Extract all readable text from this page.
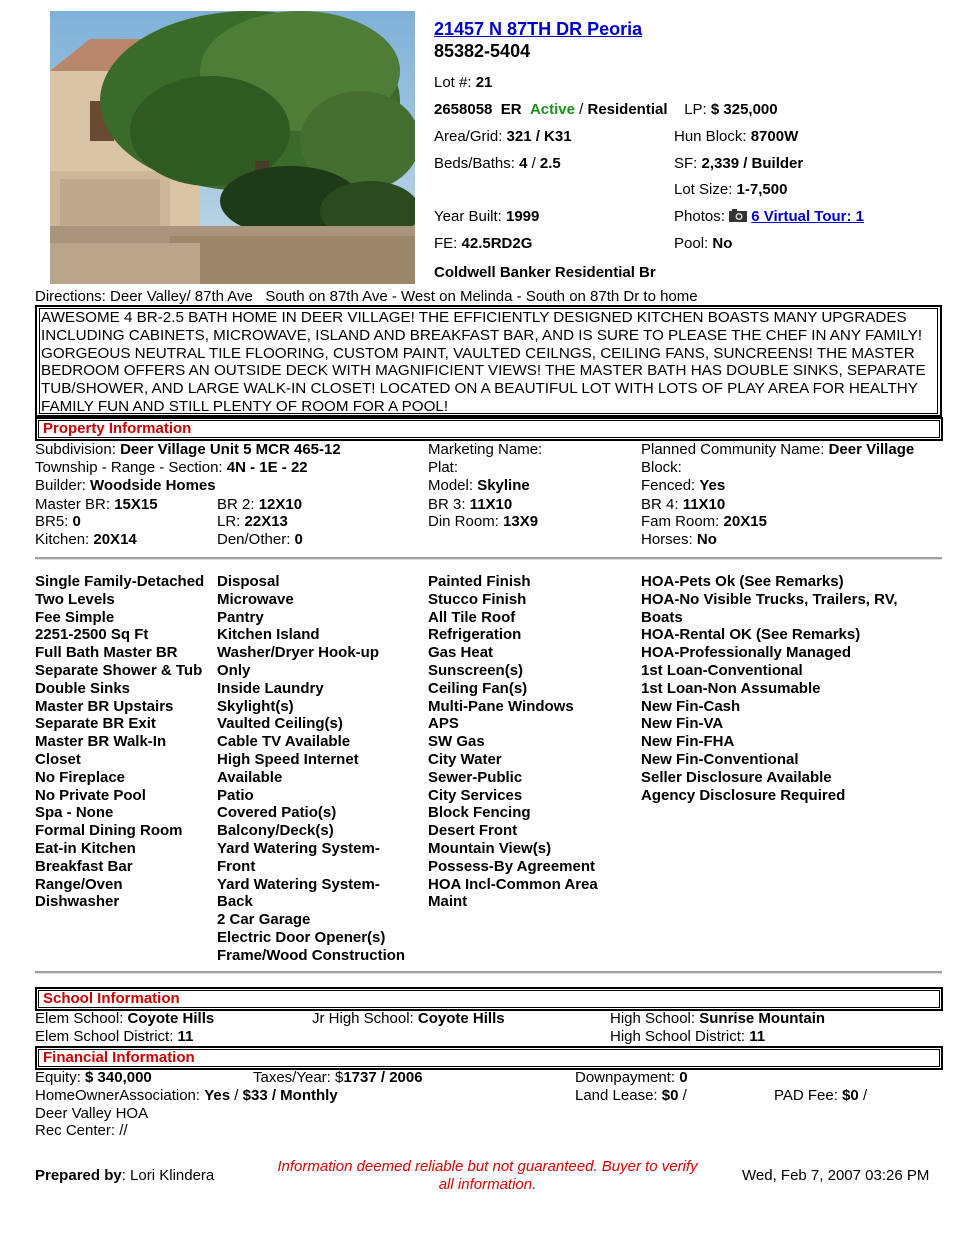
21457 N 87TH DR Peoria
85382-5404
Lot #: 21
2658058 ER Active / Residential LP: $ 325,000
Area/Grid: 321 / K31	Hun Block: 8700W
Beds/Baths: 4 / 2.5	SF: 2,339 / Builder
Lot Size: 1-7,500
Year Built: 1999	Photos: 6 Virtual Tour: 1
FE: 42.5RD2G	Pool: No
Coldwell Banker Residential Br
Directions: Deer Valley/ 87th Ave   South on 87th Ave - West on Melinda - South on 87th Dr to home
AWESOME 4 BR-2.5 BATH HOME IN DEER VILLAGE! THE EFFICIENTLY DESIGNED KITCHEN BOASTS MANY UPGRADES INCLUDING CABINETS, MICROWAVE, ISLAND AND BREAKFAST BAR, AND IS SURE TO PLEASE THE CHEF IN ANY FAMILY! GORGEOUS NEUTRAL TILE FLOORING, CUSTOM PAINT, VAULTED CEILNGS, CEILING FANS, SUNCREENS! THE MASTER BEDROOM OFFERS AN OUTSIDE DECK WITH MAGNIFICIENT VIEWS! THE MASTER BATH HAS DOUBLE SINKS, SEPARATE TUB/SHOWER, AND LARGE WALK-IN CLOSET! LOCATED ON A BEAUTIFUL LOT WITH LOTS OF PLAY AREA FOR HEALTHY FAMILY FUN AND STILL PLENTY OF ROOM FOR A POOL!
Property Information
Subdivision: Deer Village Unit 5 MCR 465-12	Marketing Name:	Planned Community Name: Deer Village
Township - Range - Section: 4N - 1E - 22	Plat:	Block:
Builder: Woodside Homes	Model: Skyline	Fenced: Yes
Master BR: 15X15	BR 2: 12X10	BR 3: 11X10	BR 4: 11X10
BR5: 0	LR: 22X13	Din Room: 13X9	Fam Room: 20X15
Kitchen: 20X14	Den/Other: 0	Horses: No
Single Family-Detached
Two Levels
Fee Simple
2251-2500 Sq Ft
Full Bath Master BR
Separate Shower & Tub
Double Sinks
Master BR Upstairs
Separate BR Exit
Master BR Walk-In
Closet
No Fireplace
No Private Pool
Spa - None
Formal Dining Room
Eat-in Kitchen
Breakfast Bar
Range/Oven
Dishwasher
Disposal
Microwave
Pantry
Kitchen Island
Washer/Dryer Hook-up
Only
Inside Laundry
Skylight(s)
Vaulted Ceiling(s)
Cable TV Available
High Speed Internet
Available
Patio
Covered Patio(s)
Balcony/Deck(s)
Yard Watering System-
Front
Yard Watering System-
Back
2 Car Garage
Electric Door Opener(s)
Frame/Wood Construction
Painted Finish
Stucco Finish
All Tile Roof
Refrigeration
Gas Heat
Sunscreen(s)
Ceiling Fan(s)
Multi-Pane Windows
APS
SW Gas
City Water
Sewer-Public
City Services
Block Fencing
Desert Front
Mountain View(s)
Possess-By Agreement
HOA Incl-Common Area
Maint
HOA-Pets Ok (See Remarks)
HOA-No Visible Trucks, Trailers, RV,
Boats
HOA-Rental OK (See Remarks)
HOA-Professionally Managed
1st Loan-Conventional
1st Loan-Non Assumable
New Fin-Cash
New Fin-VA
New Fin-FHA
New Fin-Conventional
Seller Disclosure Available
Agency Disclosure Required
School Information
Elem School: Coyote Hills	Jr High School: Coyote Hills	High School: Sunrise Mountain
Elem School District: 11	High School District: 11
Financial Information
Equity: $ 340,000	Taxes/Year: $1737 / 2006	Downpayment: 0
HomeOwnerAssociation: Yes / $33 / Monthly	Land Lease: $0 /	PAD Fee: $0 /
Deer Valley HOA
Rec Center: //
Prepared by: Lori Klindera
Information deemed reliable but not guaranteed. Buyer to verify all information.
Wed, Feb 7, 2007 03:26 PM
